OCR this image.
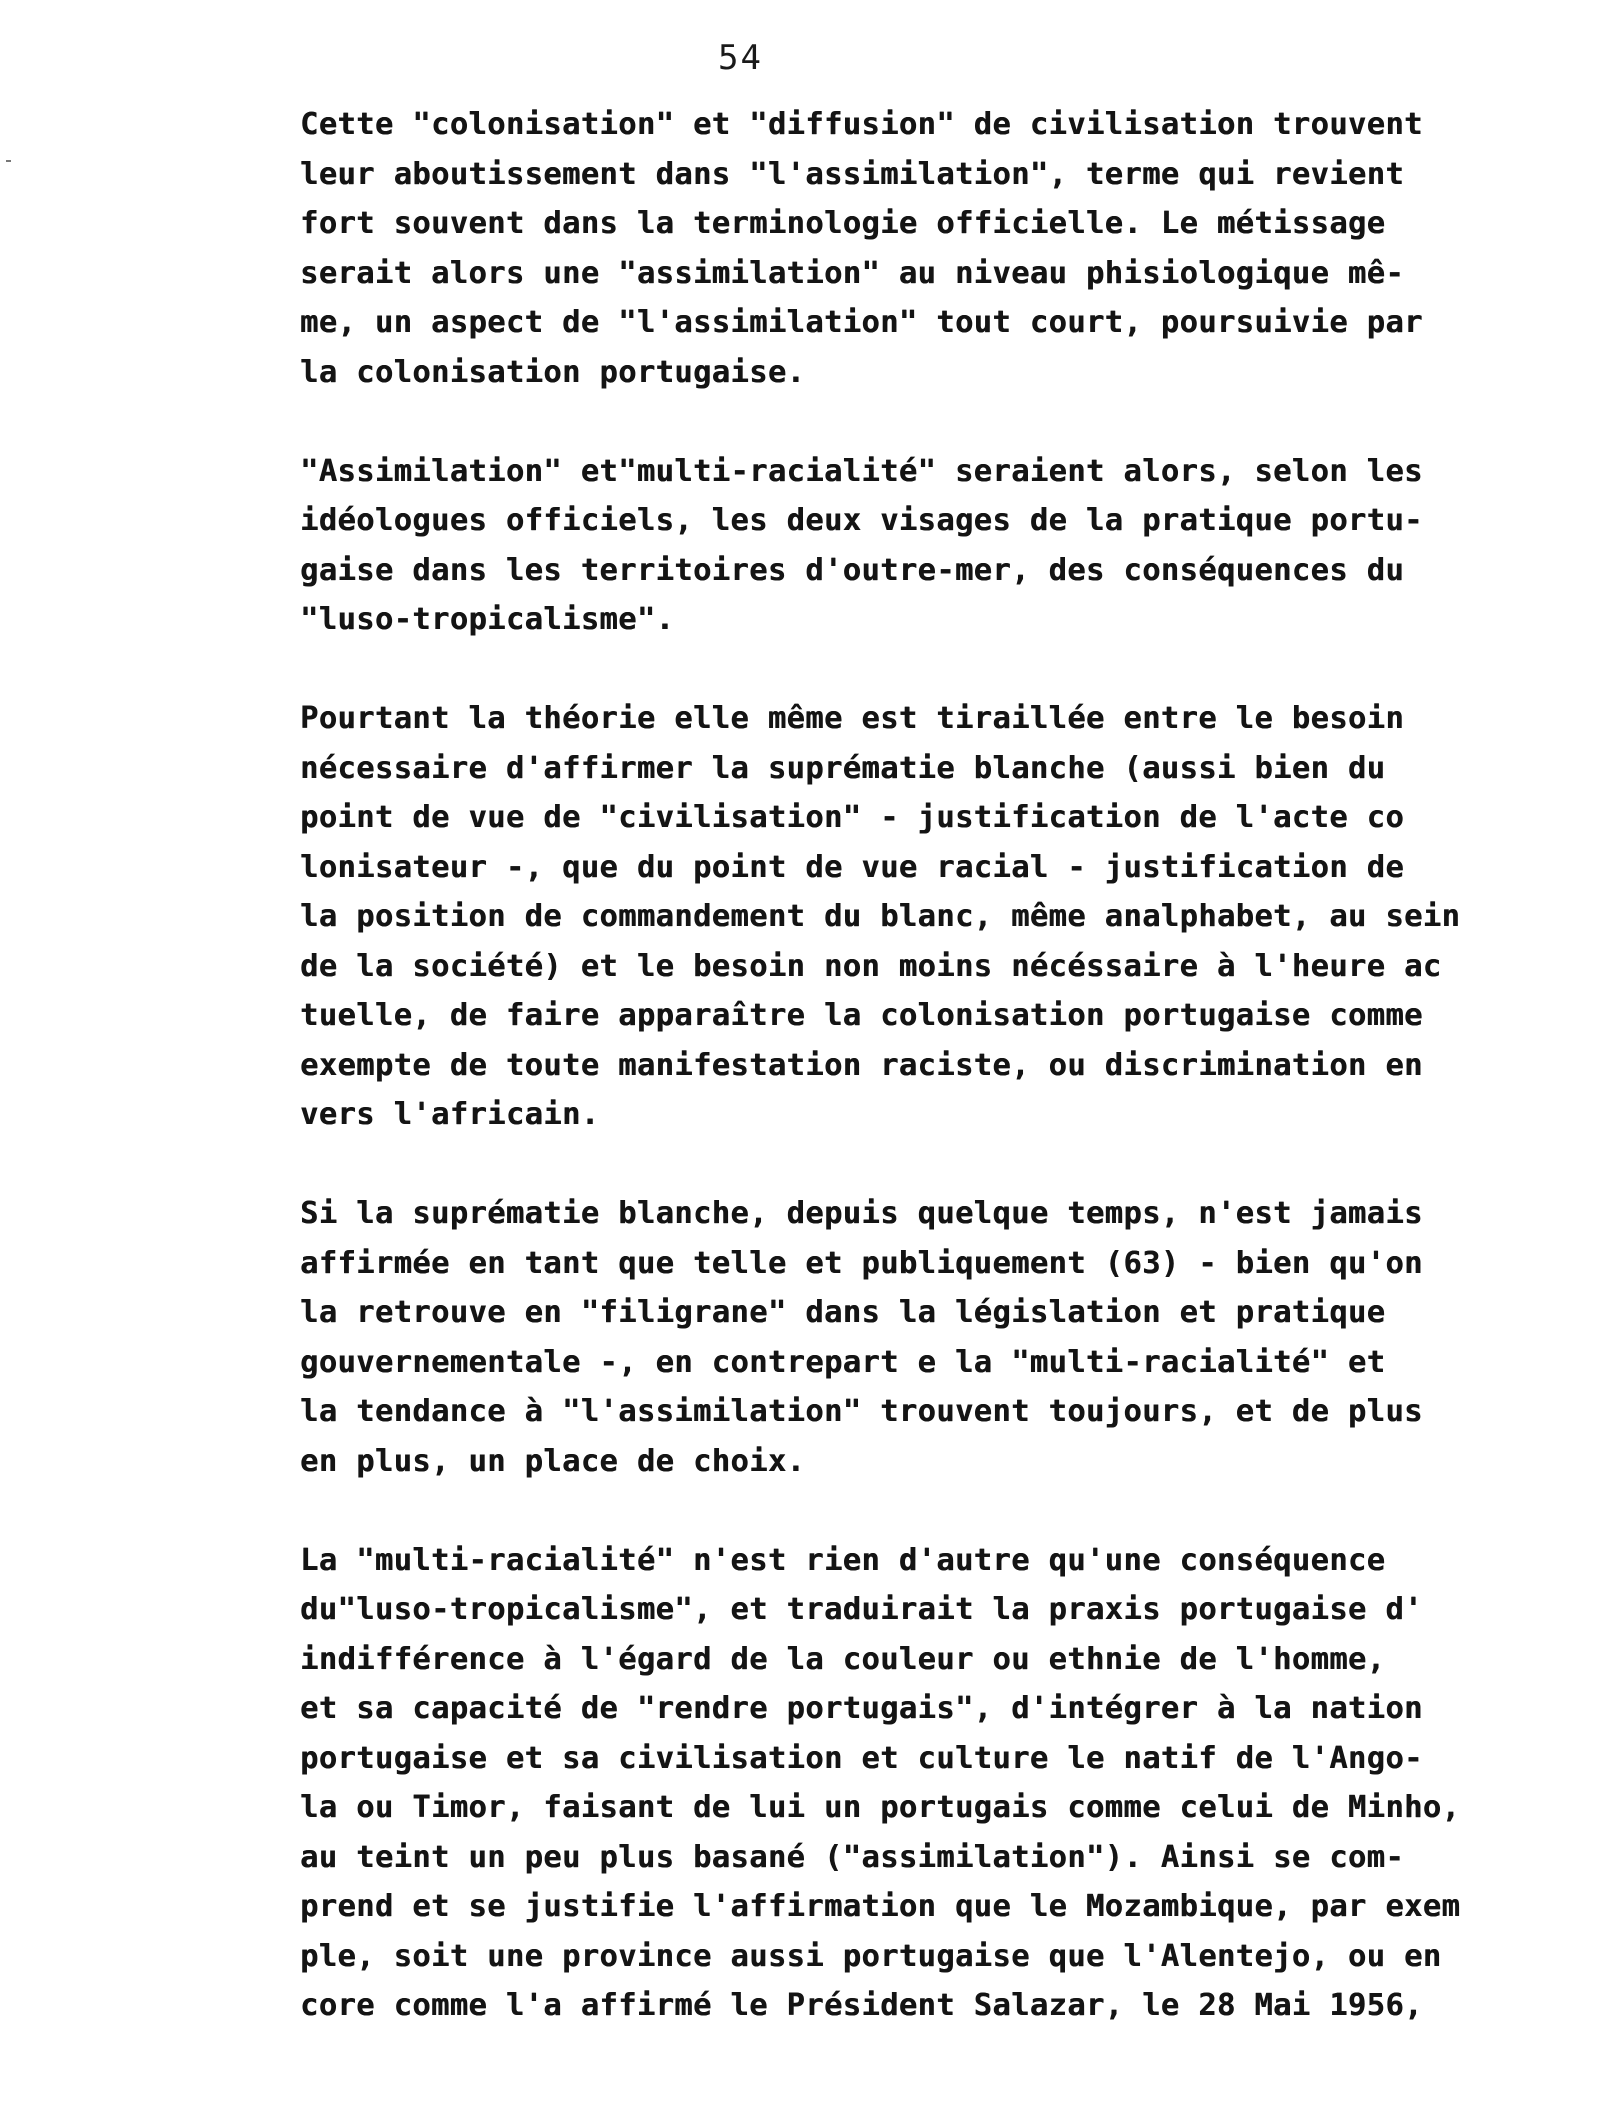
54
Cette "colonisation" et "diffusion" de civilisation trouvent
leur aboutissement dans "l'assimilation", terme qui revient
fort souvent dans la terminologie officielle. Le métissage
serait alors une "assimilation" au niveau phisiologique mê-
me, un aspect de "l'assimilation" tout court, poursuivie par
la colonisation portugaise.
"Assimilation" et"multi-racialité" seraient alors, selon les
idéologues officiels, les deux visages de la pratique portu-
gaise dans les territoires d'outre-mer, des conséquences du
"luso-tropicalisme".
Pourtant la théorie elle même est tiraillée entre le besoin
nécessaire d'affirmer la suprématie blanche (aussi bien du
point de vue de "civilisation" - justification de l'acte co
lonisateur -, que du point de vue racial - justification de
la position de commandement du blanc, même analphabet, au sein
de la société) et le besoin non moins nécéssaire à l'heure ac
tuelle, de faire apparaître la colonisation portugaise comme
exempte de toute manifestation raciste, ou discrimination en
vers l'africain.
Si la suprématie blanche, depuis quelque temps, n'est jamais
affirmée en tant que telle et publiquement (63) - bien qu'on
la retrouve en "filigrane" dans la législation et pratique
gouvernementale -, en contrepart e la "multi-racialité" et
la tendance à "l'assimilation" trouvent toujours, et de plus
en plus, un place de choix.
La "multi-racialité" n'est rien d'autre qu'une conséquence
du"luso-tropicalisme", et traduirait la praxis portugaise d'
indifférence à l'égard de la couleur ou ethnie de l'homme,
et sa capacité de "rendre portugais", d'intégrer à la nation
portugaise et sa civilisation et culture le natif de l'Ango-
la ou Timor, faisant de lui un portugais comme celui de Minho,
au teint un peu plus basané ("assimilation"). Ainsi se com-
prend et se justifie l'affirmation que le Mozambique, par exem
ple, soit une province aussi portugaise que l'Alentejo, ou en
core comme l'a affirmé le Président Salazar, le 28 Mai 1956,
